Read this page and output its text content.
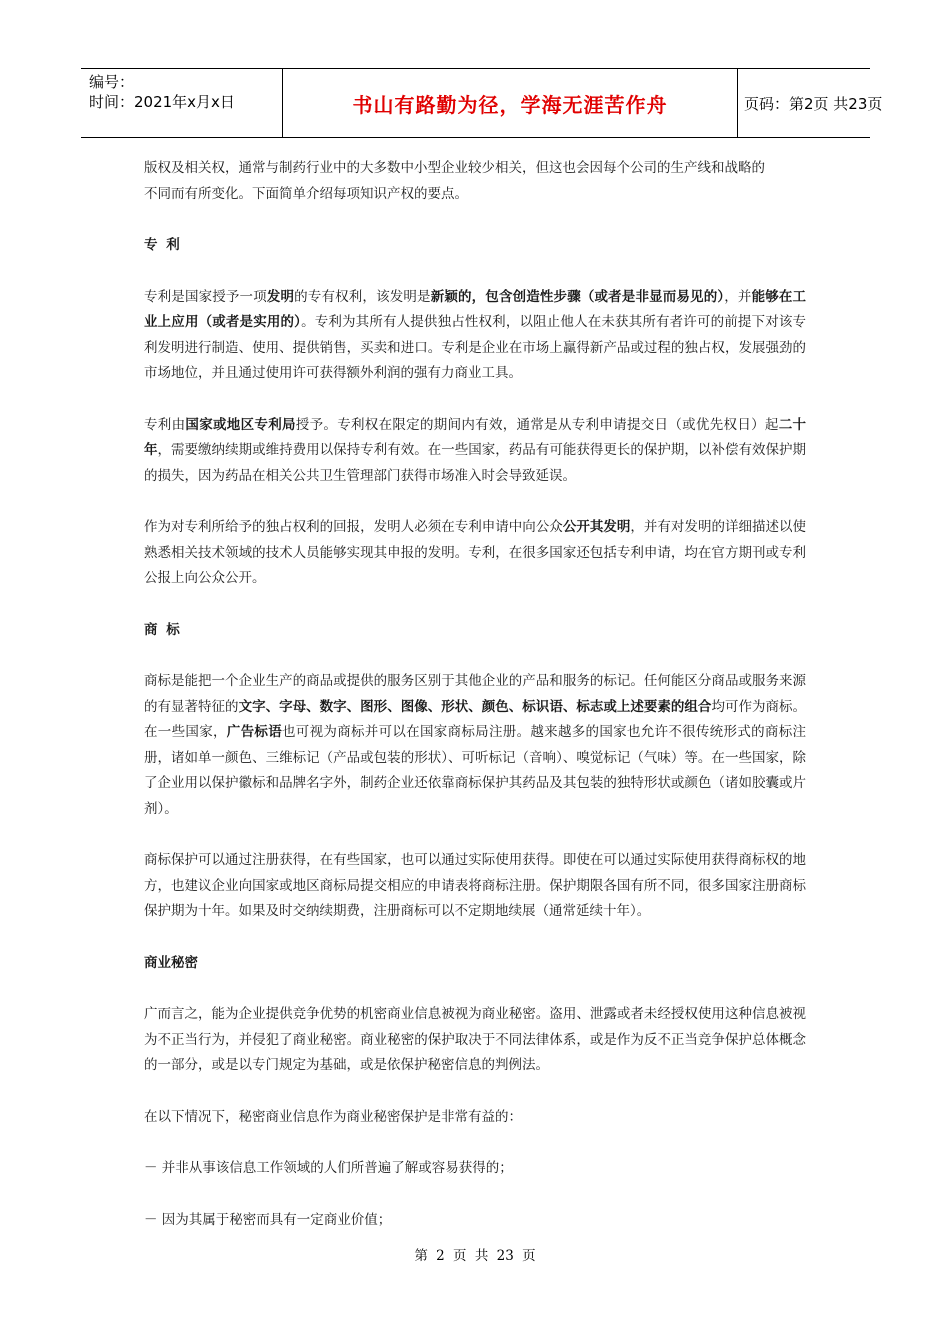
编号：
时间：2021年x月x日	书山有路勤为径，学海无涯苦作舟	页码：第2页 共23页

版权及相关权，通常与制药行业中的大多数中小型企业较少相关，但这也会因每个公司的生产线和战略的
不同而有所变化。下面简单介绍每项知识产权的要点。

专 利

专利是国家授予一项发明的专有权利，该发明是新颖的，包含创造性步骤（或者是非显而易见的），并能够在工业上应用（或者是实用的）。专利为其所有人提供独占性权利，以阻止他人在未获其所有者许可的前提下对该专利发明进行制造、使用、提供销售，买卖和进口。专利是企业在市场上赢得新产品或过程的独占权，发展强劲的市场地位，并且通过使用许可获得额外利润的强有力商业工具。

专利由国家或地区专利局授予。专利权在限定的期间内有效，通常是从专利申请提交日（或优先权日）起二十年，需要缴纳续期或维持费用以保持专利有效。在一些国家，药品有可能获得更长的保护期，以补偿有效保护期的损失，因为药品在相关公共卫生管理部门获得市场准入时会导致延误。

作为对专利所给予的独占权利的回报，发明人必须在专利申请中向公众公开其发明，并有对发明的详细描述以使熟悉相关技术领域的技术人员能够实现其申报的发明。专利，在很多国家还包括专利申请，均在官方期刊或专利公报上向公众公开。

商 标

商标是能把一个企业生产的商品或提供的服务区别于其他企业的产品和服务的标记。任何能区分商品或服务来源的有显著特征的文字、字母、数字、图形、图像、形状、颜色、标识语、标志或上述要素的组合均可作为商标。在一些国家，广告标语也可视为商标并可以在国家商标局注册。越来越多的国家也允许不很传统形式的商标注册，诸如单一颜色、三维标记（产品或包装的形状）、可听标记（音响）、嗅觉标记（气味）等。在一些国家，除了企业用以保护徽标和品牌名字外，制药企业还依靠商标保护其药品及其包装的独特形状或颜色（诸如胶囊或片剂）。

商标保护可以通过注册获得，在有些国家，也可以通过实际使用获得。即使在可以通过实际使用获得商标权的地方，也建议企业向国家或地区商标局提交相应的申请表将商标注册。保护期限各国有所不同，很多国家注册商标保护期为十年。如果及时交纳续期费，注册商标可以不定期地续展（通常延续十年）。

商业秘密

广而言之，能为企业提供竞争优势的机密商业信息被视为商业秘密。盗用、泄露或者未经授权使用这种信息被视为不正当行为，并侵犯了商业秘密。商业秘密的保护取决于不同法律体系，或是作为反不正当竞争保护总体概念的一部分，或是以专门规定为基础，或是依保护秘密信息的判例法。

在以下情况下，秘密商业信息作为商业秘密保护是非常有益的：

－ 并非从事该信息工作领域的人们所普遍了解或容易获得的；

－ 因为其属于秘密而具有一定商业价值；

第 2 页 共 23 页
